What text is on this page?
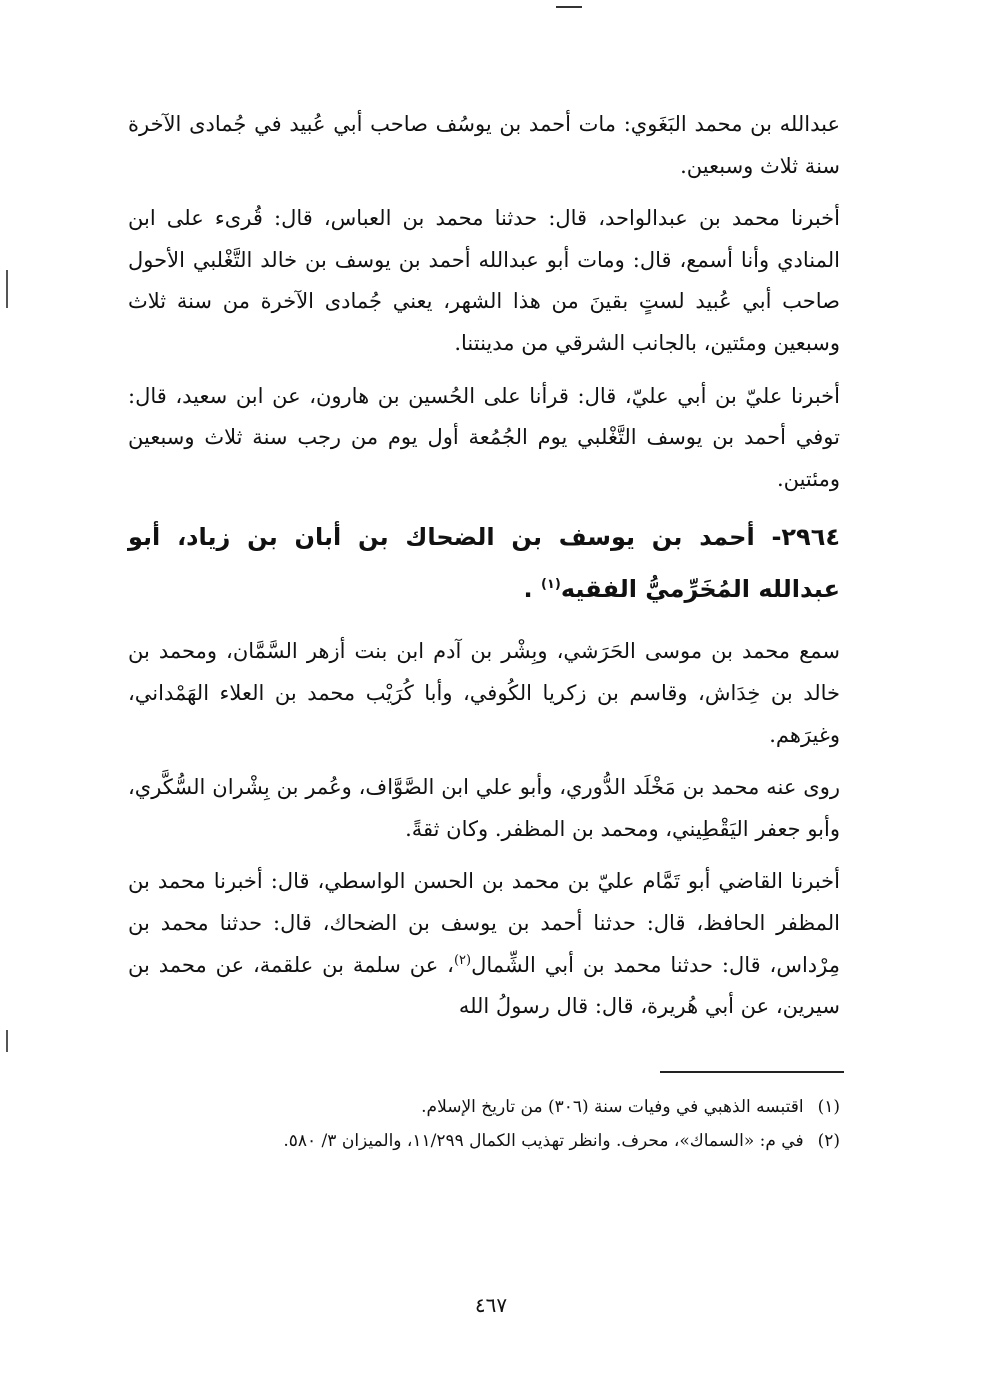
عبدالله بن محمد البَغَوي: مات أحمد بن يوسُف صاحب أبي عُبيد في جُمادى الآخرة سنة ثلاث وسبعين.

أخبرنا محمد بن عبدالواحد، قال: حدثنا محمد بن العباس، قال: قُرىء على ابن المنادي وأنا أسمع، قال: ومات أبو عبدالله أحمد بن يوسف بن خالد التَّغْلبي الأحول صاحب أبي عُبيد لستٍ بقينَ من هذا الشهر، يعني جُمادى الآخرة من سنة ثلاث وسبعين ومئتين، بالجانب الشرقي من مدينتنا.

أخبرنا عليّ بن أبي عليّ، قال: قرأنا على الحُسين بن هارون، عن ابن سعيد، قال: توفي أحمد بن يوسف التَّغْلبي يوم الجُمُعة أول يوم من رجب سنة ثلاث وسبعين ومئتين.

٢٩٦٤- أحمد بن يوسف بن الضحاك بن أبان بن زياد، أبو عبدالله المُخَرِّميُّ الفقيه$^{(١)}$ .

سمع محمد بن موسى الحَرَشي، وبِشْر بن آدم ابن بنت أزهر السَّمَّان، ومحمد بن خالد بن خِدَاش، وقاسم بن زكريا الكُوفي، وأبا كُرَيْب محمد بن العلاء الهَمْداني، وغيرَهم.

روى عنه محمد بن مَخْلَد الدُّوري، وأبو علي ابن الصَّوَّاف، وعُمر بن بِشْران السُّكَّري، وأبو جعفر اليَقْطِيني، ومحمد بن المظفر. وكان ثقةً.

أخبرنا القاضي أبو تَمَّام عليّ بن محمد بن الحسن الواسطي، قال: أخبرنا محمد بن المظفر الحافظ، قال: حدثنا أحمد بن يوسف بن الضحاك، قال: حدثنا محمد بن مِرْداس، قال: حدثنا محمد بن أبي الشِّمال$^{(٢)}$، عن سلمة بن علقمة، عن محمد بن سيرين، عن أبي هُريرة، قال: قال رسولُ الله

(١)
اقتبسه الذهبي في وفيات سنة (٣٠٦) من تاريخ الإسلام.
(٢)
في م: «السماك»، محرف. وانظر تهذيب الكمال ١١/٢٩٩، والميزان ٣/ ٥٨٠.
٤٦٧
